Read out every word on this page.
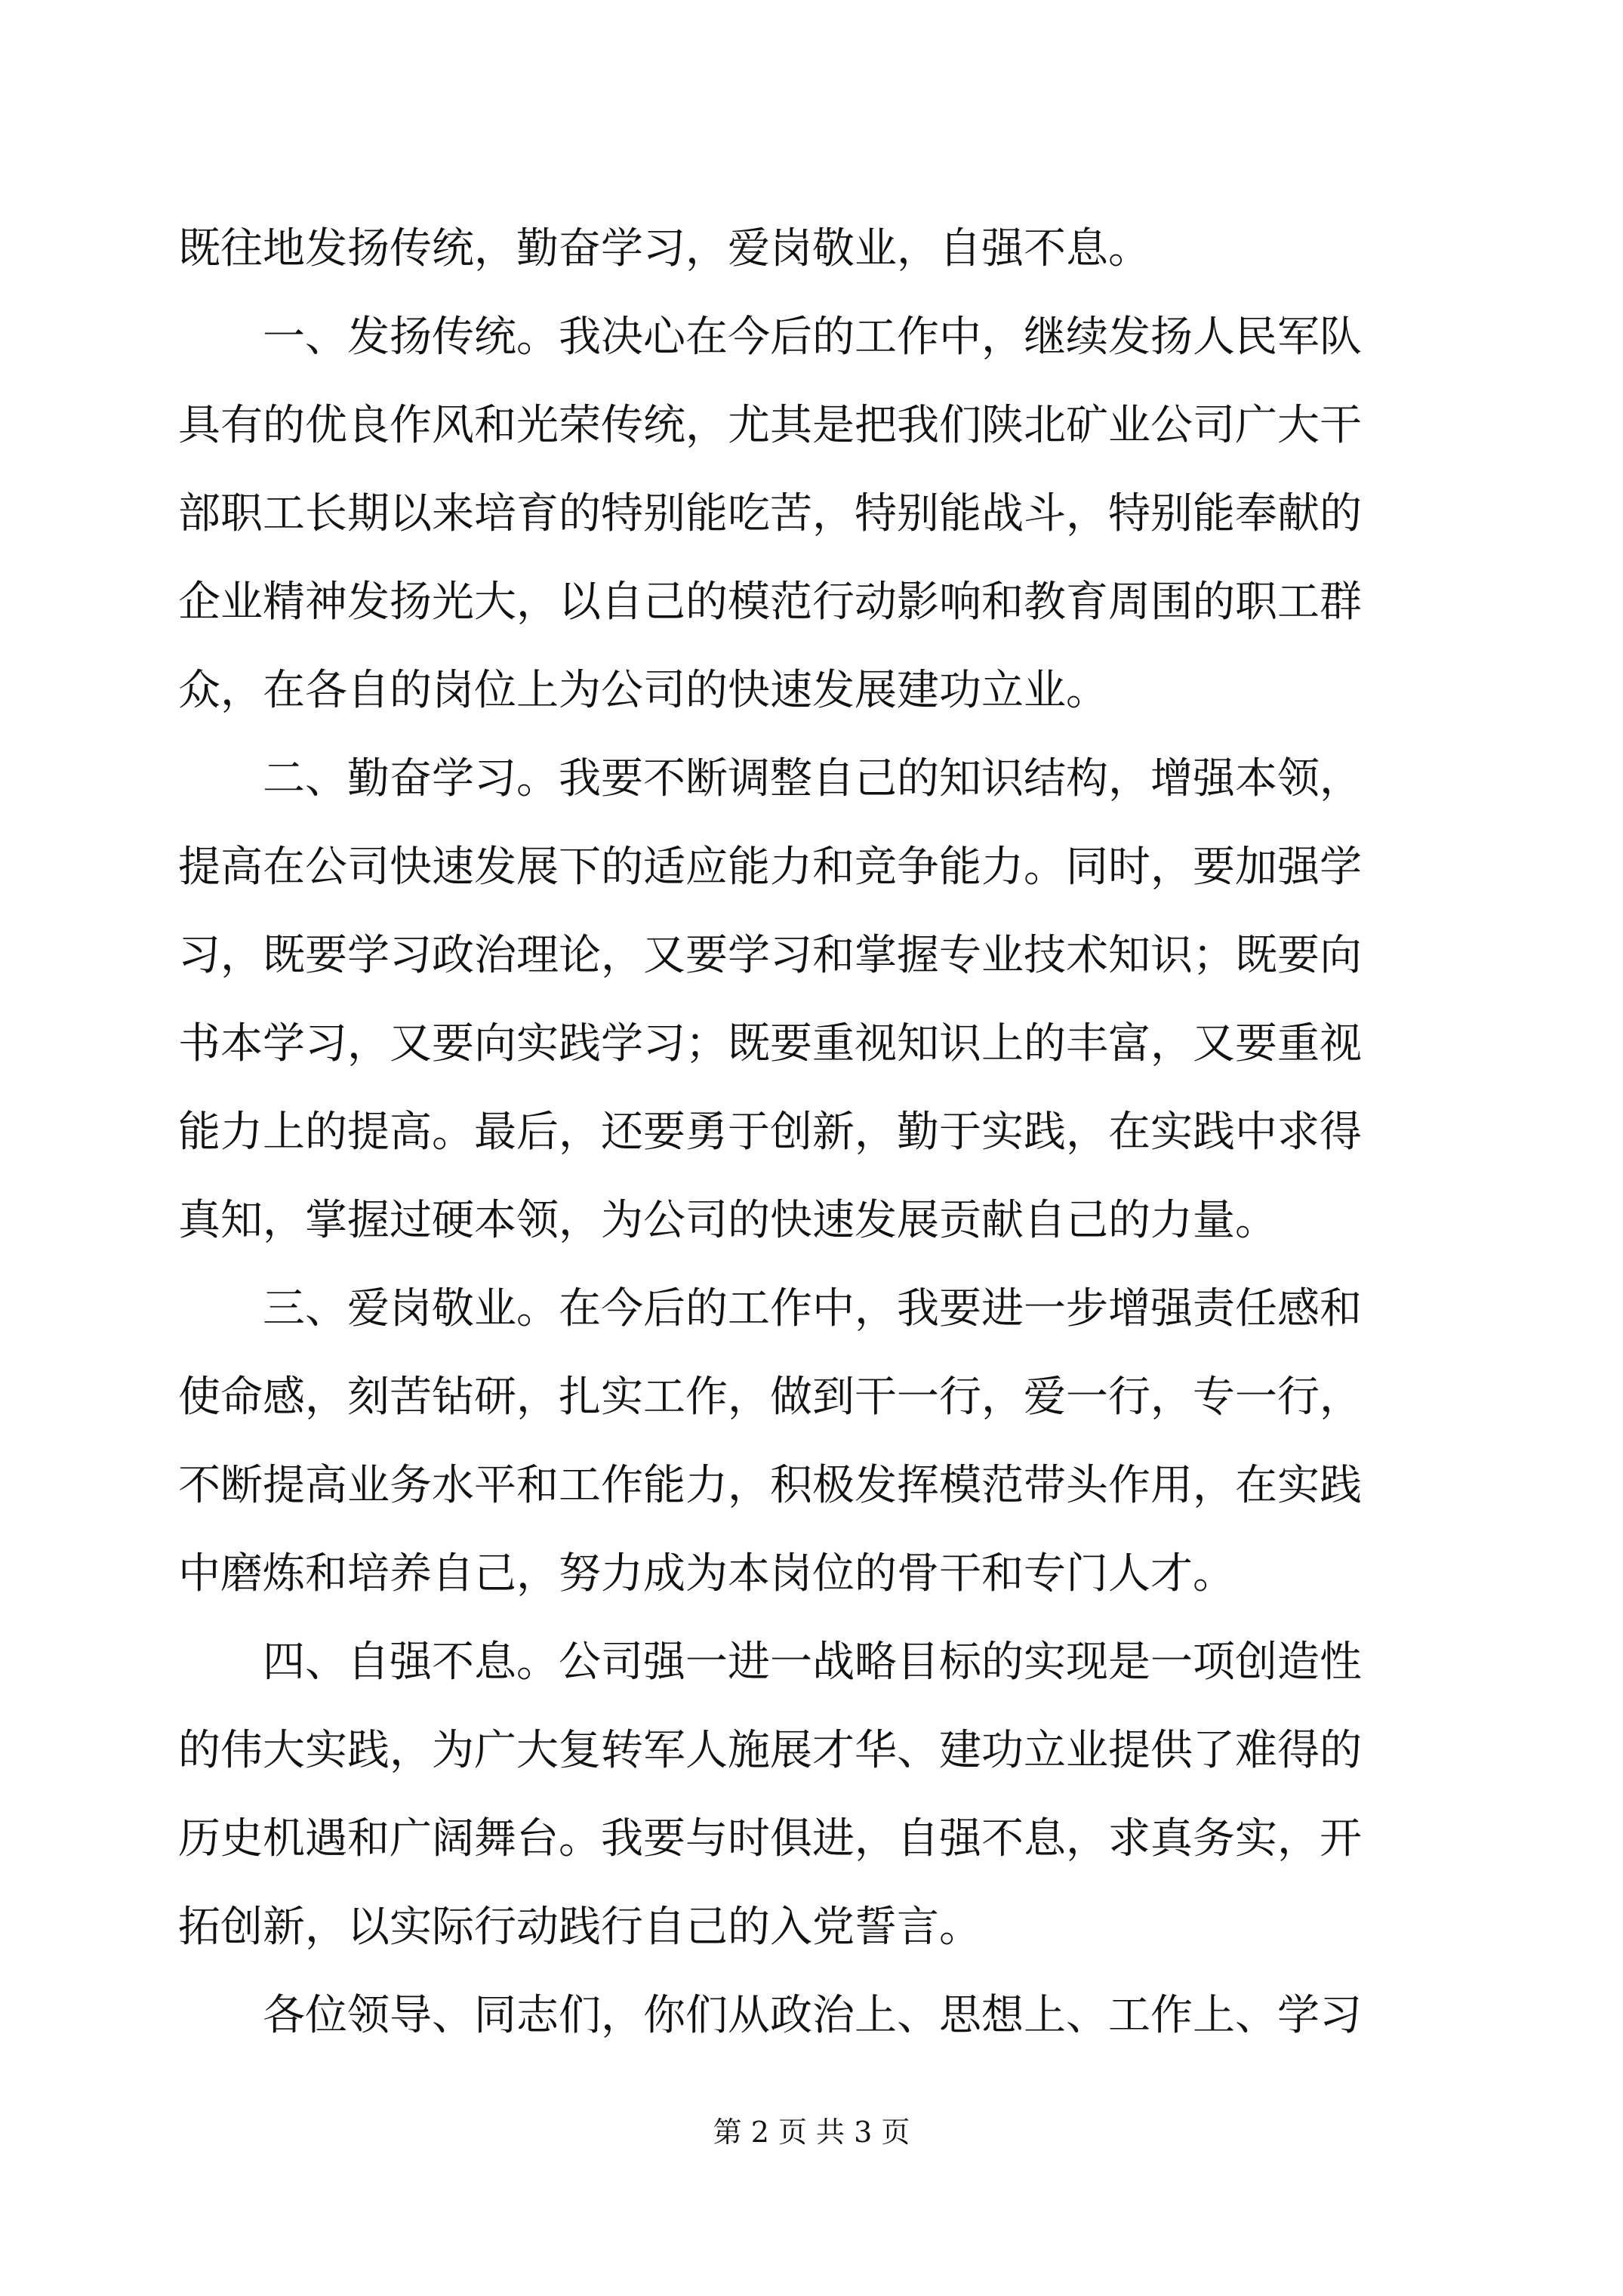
既往地发扬传统，勤奋学习，爱岗敬业，自强不息。
　　一、发扬传统。我决心在今后的工作中，继续发扬人民军队
具有的优良作风和光荣传统，尤其是把我们陕北矿业公司广大干
部职工长期以来培育的特别能吃苦，特别能战斗，特别能奉献的
企业精神发扬光大，以自己的模范行动影响和教育周围的职工群
众，在各自的岗位上为公司的快速发展建功立业。
　　二、勤奋学习。我要不断调整自己的知识结构，增强本领，
提高在公司快速发展下的适应能力和竞争能力。同时，要加强学
习，既要学习政治理论，又要学习和掌握专业技术知识；既要向
书本学习，又要向实践学习；既要重视知识上的丰富，又要重视
能力上的提高。最后，还要勇于创新，勤于实践，在实践中求得
真知，掌握过硬本领，为公司的快速发展贡献自己的力量。
　　三、爱岗敬业。在今后的工作中，我要进一步增强责任感和
使命感，刻苦钻研，扎实工作，做到干一行，爱一行，专一行，
不断提高业务水平和工作能力，积极发挥模范带头作用，在实践
中磨炼和培养自己，努力成为本岗位的骨干和专门人才。
　　四、自强不息。公司强一进一战略目标的实现是一项创造性
的伟大实践，为广大复转军人施展才华、建功立业提供了难得的
历史机遇和广阔舞台。我要与时俱进，自强不息，求真务实，开
拓创新，以实际行动践行自己的入党誓言。
　　各位领导、同志们，你们从政治上、思想上、工作上、学习
第 2 页 共 3 页
